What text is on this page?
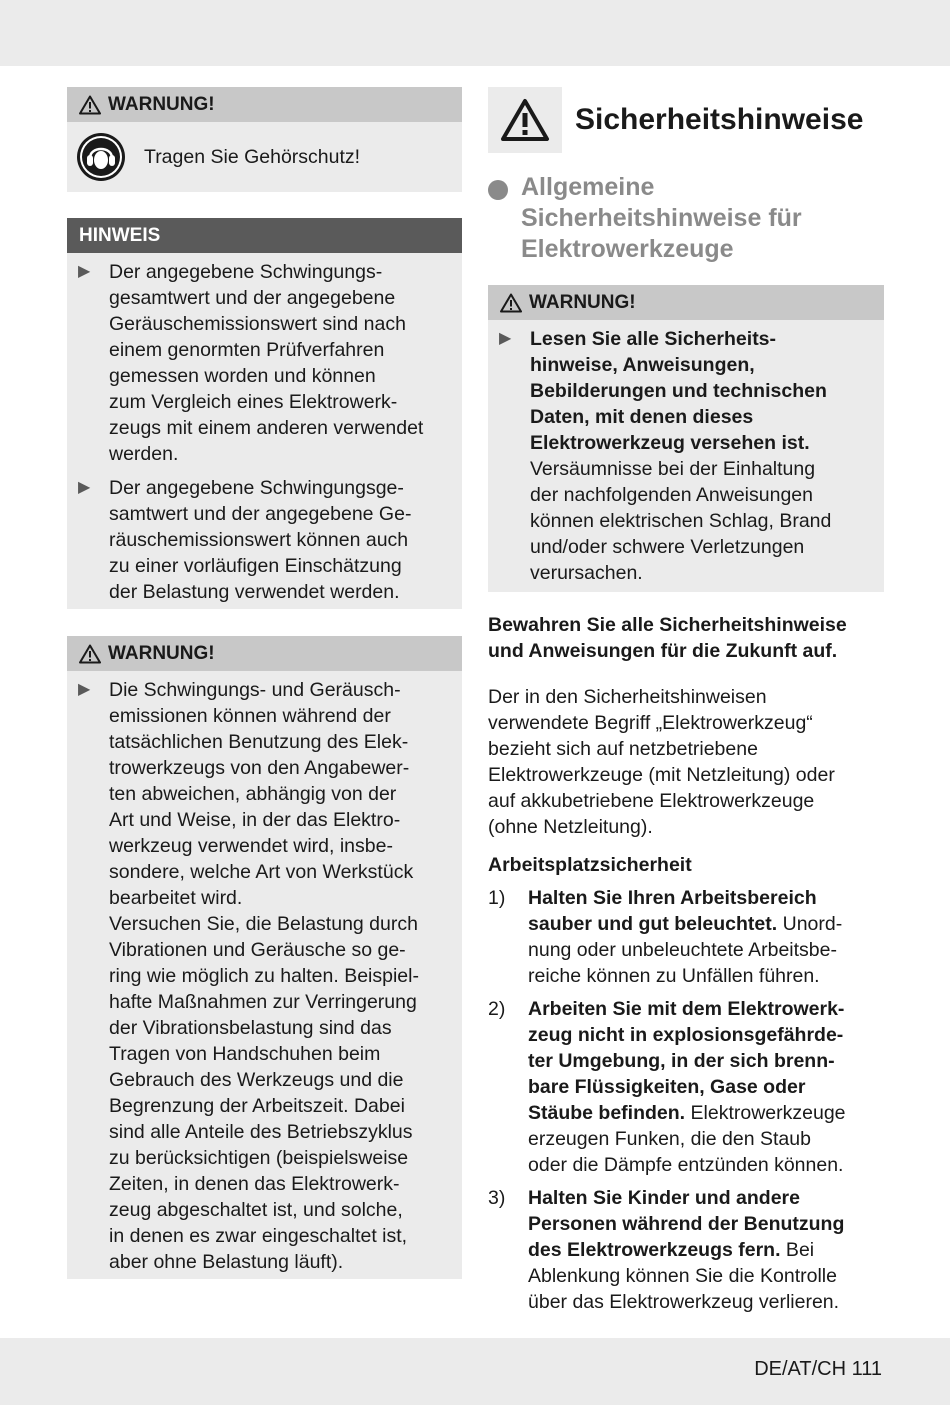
WARNUNG!
Tragen Sie Gehörschutz!
HINWEIS
▶ Der angegebene Schwingungs-
gesamtwert und der angegebene
Geräuschemissionswert sind nach
einem genormten Prüfverfahren
gemessen worden und können
zum Vergleich eines Elektrowerk-
zeugs mit einem anderen verwendet
werden.
▶ Der angegebene Schwingungsge-
samtwert und der angegebene Ge-
räuschemissionswert können auch
zu einer vorläufigen Einschätzung
der Belastung verwendet werden.
WARNUNG!
▶ Die Schwingungs- und Geräusch-
emissionen können während der
tatsächlichen Benutzung des Elek-
trowerkzeugs von den Angabewer-
ten abweichen, abhängig von der
Art und Weise, in der das Elektro-
werkzeug verwendet wird, insbe-
sondere, welche Art von Werkstück
bearbeitet wird.
Versuchen Sie, die Belastung durch
Vibrationen und Geräusche so ge-
ring wie möglich zu halten. Beispiel-
hafte Maßnahmen zur Verringerung
der Vibrationsbelastung sind das
Tragen von Handschuhen beim
Gebrauch des Werkzeugs und die
Begrenzung der Arbeitszeit. Dabei
sind alle Anteile des Betriebszyklus
zu berücksichtigen (beispielsweise
Zeiten, in denen das Elektrowerk-
zeug abgeschaltet ist, und solche,
in denen es zwar eingeschaltet ist,
aber ohne Belastung läuft).
Sicherheitshinweise
Allgemeine
Sicherheitshinweise für
Elektrowerkzeuge
WARNUNG!
▶ Lesen Sie alle Sicherheits-
hinweise, Anweisungen,
Bebilderungen und technischen
Daten, mit denen dieses
Elektrowerkzeug versehen ist.
Versäumnisse bei der Einhaltung
der nachfolgenden Anweisungen
können elektrischen Schlag, Brand
und/oder schwere Verletzungen
verursachen.

Bewahren Sie alle Sicherheitshinweise
und Anweisungen für die Zukunft auf.

Der in den Sicherheitshinweisen
verwendete Begriff „Elektrowerkzeug“
bezieht sich auf netzbetriebene
Elektrowerkzeuge (mit Netzleitung) oder
auf akkubetriebene Elektrowerkzeuge
(ohne Netzleitung).

Arbeitsplatzsicherheit

1)	Halten Sie Ihren Arbeitsbereich
sauber und gut beleuchtet. Unord-
nung oder unbeleuchtete Arbeitsbe-
reiche können zu Unfällen führen.
2)	Arbeiten Sie mit dem Elektrowerk-
zeug nicht in explosionsgefährde-
ter Umgebung, in der sich brenn-
bare Flüssigkeiten, Gase oder
Stäube befinden. Elektrowerkzeuge
erzeugen Funken, die den Staub
oder die Dämpfe entzünden können.
3)	Halten Sie Kinder und andere
Personen während der Benutzung
des Elektrowerkzeugs fern. Bei
Ablenkung können Sie die Kontrolle
über das Elektrowerkzeug verlieren.
DE/AT/CH 111
